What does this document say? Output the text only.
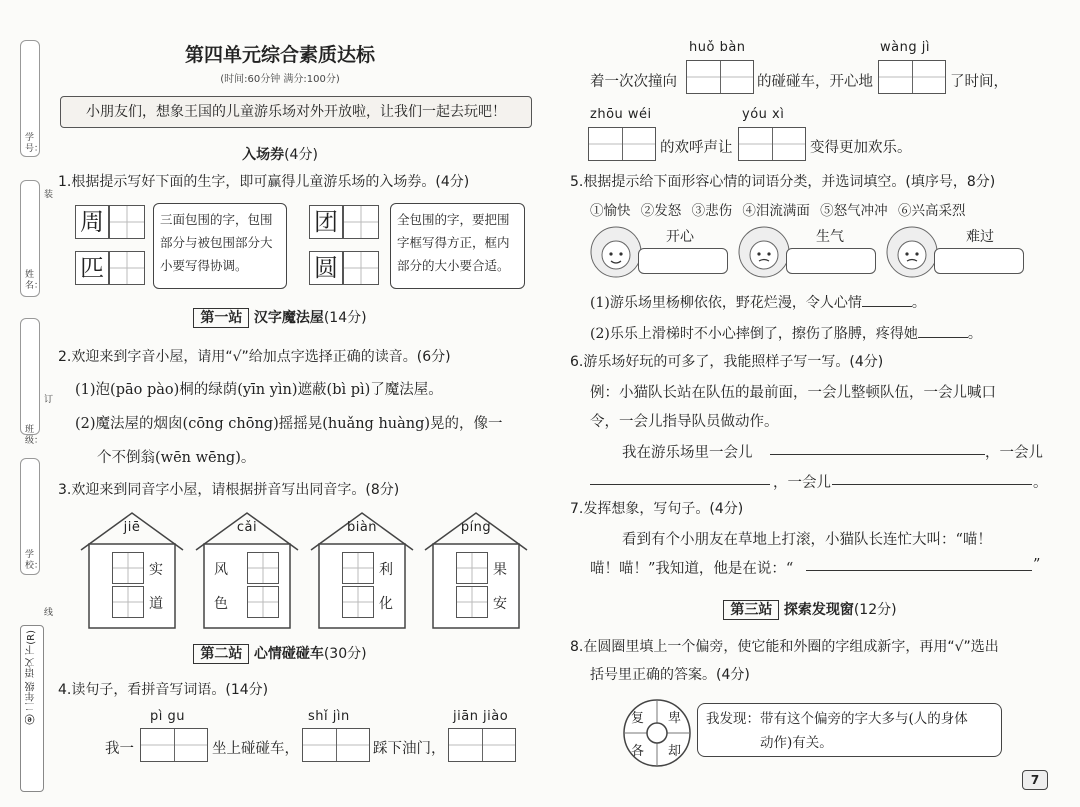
学号：
姓名：
班级：
学校：
装
订
线
ⓔ 二年级 语文 下(R)
第四单元综合素质达标
(时间:60分钟 满分:100分)
小朋友们，想象王国的儿童游乐场对外开放啦，让我们一起去玩吧！
入场券(4分)
1.根据提示写好下面的生字，即可赢得儿童游乐场的入场券。(4分)
周
匹
三面包围的字，包围部分与被包围部分大小要写得协调。
团
圆
全包围的字，要把围字框写得方正，框内部分的大小要合适。
第一站 汉字魔法屋(14分)
2.欢迎来到字音小屋，请用“√”给加点字选择正确的读音。(6分)
(1)泡(pāo pào)桐的绿荫(yīn yìn)遮蔽(bì pì)了魔法屋。
(2)魔法屋的烟囱(cōng chōng)摇摇晃(huǎng huàng)晃的，像一
个不倒翁(wēn wēng)。
3.欢迎来到同音字小屋，请根据拼音写出同音字。(8分)
jiē
实
道
cǎi
风
色
biàn
利
化
píng
果
安
第二站 心情碰碰车(30分)
4.读句子，看拼音写词语。(14分)
pì gu	shǐ jìn	jiān jiào
我一	坐上碰碰车，	踩下油门，
huǒ bàn	wàng jì
着一次次撞向	的碰碰车，开心地	了时间，
zhōu wéi	yóu xì
的欢呼声让	变得更加欢乐。
5.根据提示给下面形容心情的词语分类，并选词填空。(填序号，8分)
①愉快 ②发怒 ③悲伤 ④泪流满面 ⑤怒气冲冲 ⑥兴高采烈
开心	生气	难过
(1)游乐场里杨柳依依，野花烂漫，令人心情	。
(2)乐乐上滑梯时不小心摔倒了，擦伤了胳膊，疼得她	。
6.游乐场好玩的可多了，我能照样子写一写。(4分)
例：小猫队长站在队伍的最前面，一会儿整顿队伍，一会儿喊口
令，一会儿指导队员做动作。
我在游乐场里一会儿	，一会儿
，一会儿	。
7.发挥想象，写句子。(4分)
看到有个小朋友在草地上打滚，小猫队长连忙大叫：“喵！
喵！喵！”我知道，他是在说：“	”
第三站 探索发现窗(12分)
8.在圆圈里填上一个偏旁，使它能和外圈的字组成新字，再用“√”选出
括号里正确的答案。(4分)
复 卑
各 却
我发现：带有这个偏旁的字大多与(人的身体
动作)有关。
7
